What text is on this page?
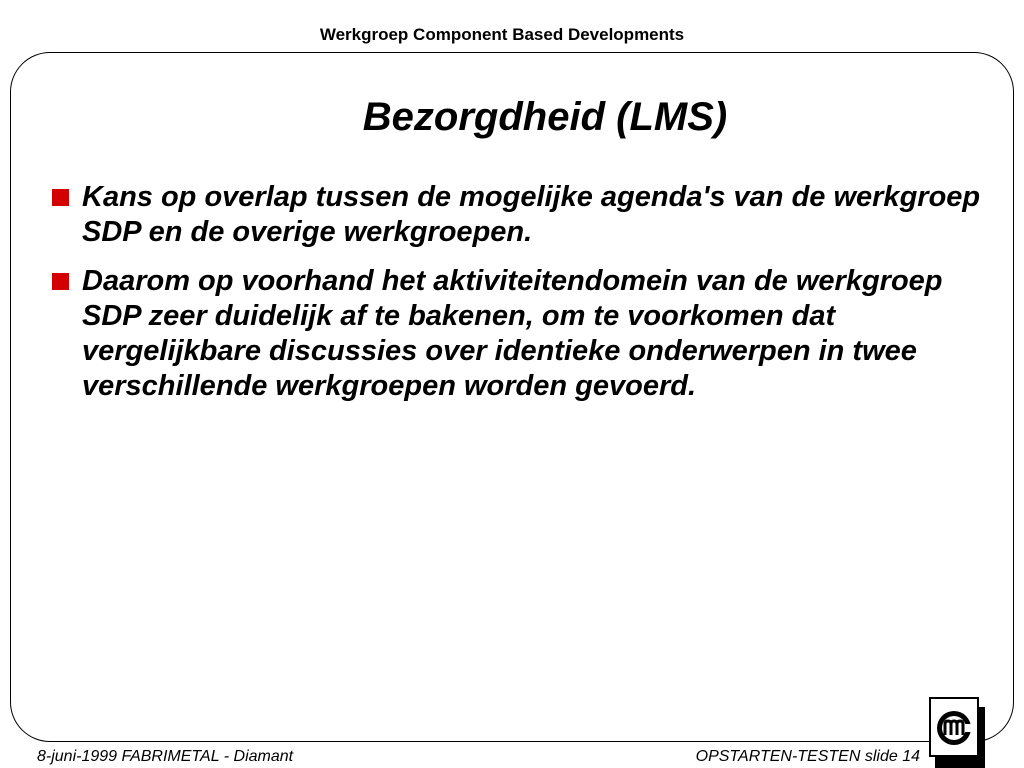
Werkgroep Component Based Developments
Bezorgdheid (LMS)
Kans op overlap tussen de mogelijke agenda's van de werkgroep SDP en de overige werkgroepen.
Daarom op voorhand het aktiviteitendomein van de werkgroep SDP zeer duidelijk af te bakenen, om te voorkomen dat vergelijkbare discussies over identieke onderwerpen in twee verschillende werkgroepen worden gevoerd.
8-juni-1999 FABRIMETAL - Diamant	OPSTARTEN-TESTEN slide 14
